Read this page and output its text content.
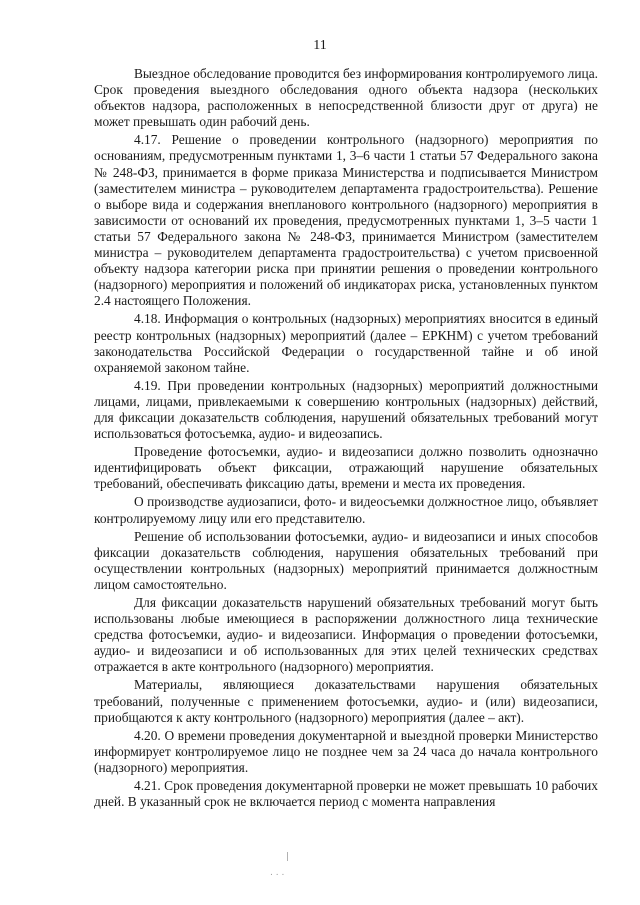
11

Выездное обследование проводится без информирования контролируемого лица. Срок проведения выездного обследования одного объекта надзора (нескольких объектов надзора, расположенных в непосредственной близости друг от друга) не может превышать один рабочий день.

4.17. Решение о проведении контрольного (надзорного) мероприятия по основаниям, предусмотренным пунктами 1, 3–6 части 1 статьи 57 Федерального закона № 248-ФЗ, принимается в форме приказа Министерства и подписывается Министром (заместителем министра – руководителем департамента градостроительства). Решение о выборе вида и содержания внепланового контрольного (надзорного) мероприятия в зависимости от оснований их проведения, предусмотренных пунктами 1, 3–5 части 1 статьи 57 Федерального закона № 248-ФЗ, принимается Министром (заместителем министра – руководителем департамента градостроительства) с учетом присвоенной объекту надзора категории риска при принятии решения о проведении контрольного (надзорного) мероприятия и положений об индикаторах риска, установленных пунктом 2.4 настоящего Положения.

4.18. Информация о контрольных (надзорных) мероприятиях вносится в единый реестр контрольных (надзорных) мероприятий (далее – ЕРКНМ) с учетом требований законодательства Российской Федерации о государственной тайне и об иной охраняемой законом тайне.

4.19. При проведении контрольных (надзорных) мероприятий должностными лицами, лицами, привлекаемыми к совершению контрольных (надзорных) действий, для фиксации доказательств соблюдения, нарушений обязательных требований могут использоваться фотосъемка, аудио- и видеозапись.

Проведение фотосъемки, аудио- и видеозаписи должно позволить однозначно идентифицировать объект фиксации, отражающий нарушение обязательных требований, обеспечивать фиксацию даты, времени и места их проведения.

О производстве аудиозаписи, фото- и видеосъемки должностное лицо, объявляет контролируемому лицу или его представителю.

Решение об использовании фотосъемки, аудио- и видеозаписи и иных способов фиксации доказательств соблюдения, нарушения обязательных требований при осуществлении контрольных (надзорных) мероприятий принимается должностным лицом самостоятельно.

Для фиксации доказательств нарушений обязательных требований могут быть использованы любые имеющиеся в распоряжении должностного лица технические средства фотосъемки, аудио- и видеозаписи. Информация о проведении фотосъемки, аудио- и видеозаписи и об использованных для этих целей технических средствах отражается в акте контрольного (надзорного) мероприятия.

Материалы, являющиеся доказательствами нарушения обязательных требований, полученные с применением фотосъемки, аудио- и (или) видеозаписи, приобщаются к акту контрольного (надзорного) мероприятия (далее – акт).

4.20. О времени проведения документарной и выездной проверки Министерство информирует контролируемое лицо не позднее чем за 24 часа до начала контрольного (надзорного) мероприятия.

4.21. Срок проведения документарной проверки не может превышать 10 рабочих дней. В указанный срок не включается период с момента направления

|
. . .
